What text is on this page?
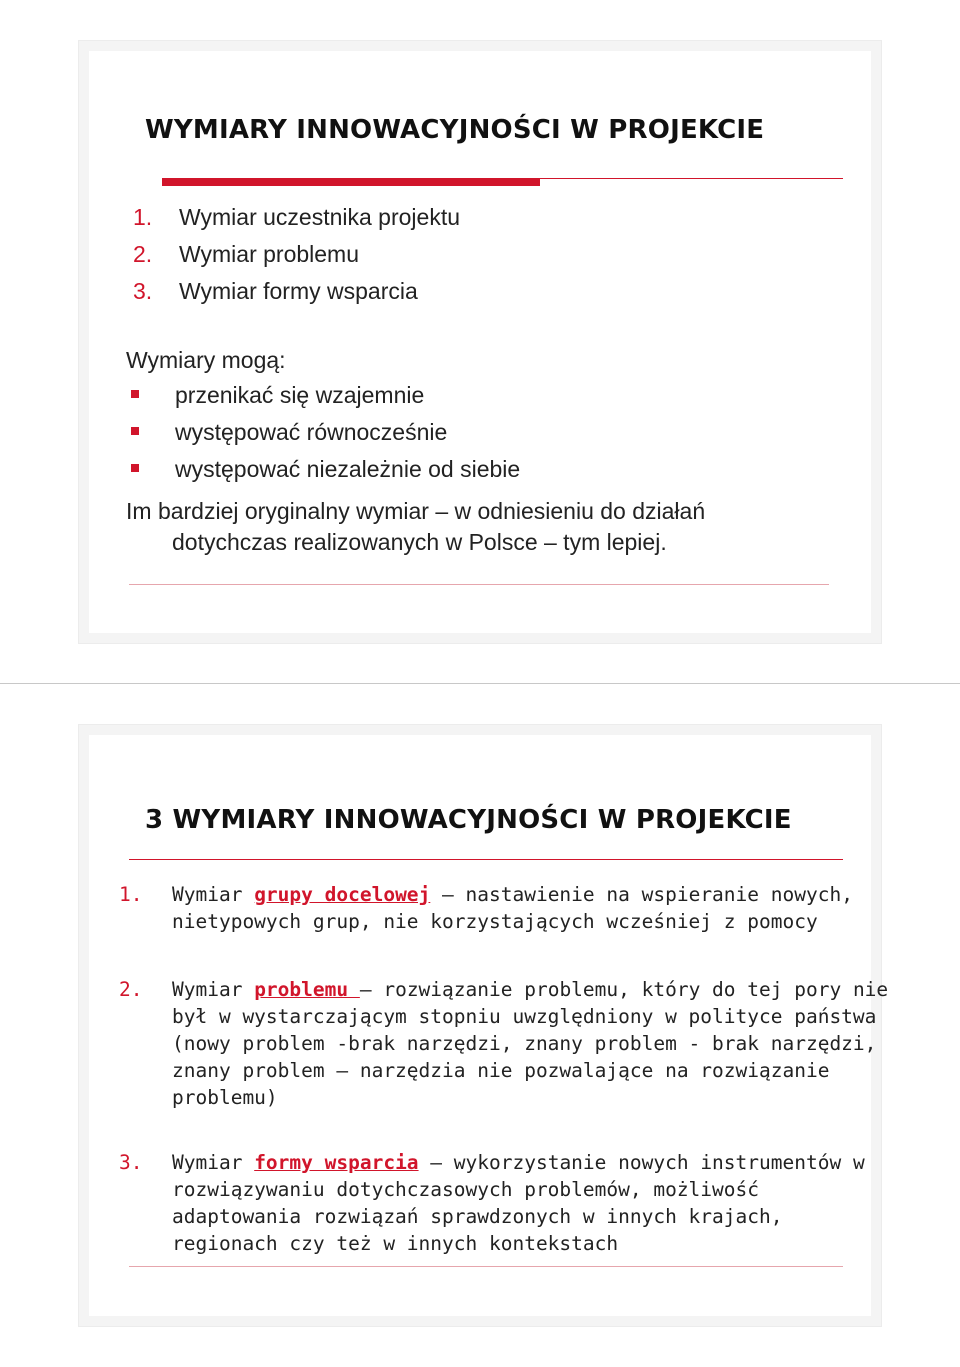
WYMIARY INNOWACYJNOŚCI W PROJEKCIE
1. Wymiar uczestnika projektu
2. Wymiar problemu
3. Wymiar formy wsparcia
Wymiary mogą:
przenikać się wzajemnie
występować równocześnie
występować niezależnie od siebie
Im bardziej oryginalny wymiar – w odniesieniu do działań
dotychczas realizowanych w Polsce – tym lepiej.
3 WYMIARY INNOWACYJNOŚCI W PROJEKCIE
1. Wymiar grupy docelowej – nastawienie na wspieranie nowych,
nietypowych grup, nie korzystających wcześniej z pomocy
2. Wymiar problemu – rozwiązanie problemu, który do tej pory nie
był w wystarczającym stopniu uwzględniony w polityce państwa
(nowy problem -brak narzędzi, znany problem - brak narzędzi,
znany problem – narzędzia nie pozwalające na rozwiązanie
problemu)
3. Wymiar formy wsparcia – wykorzystanie nowych instrumentów w
rozwiązywaniu dotychczasowych problemów, możliwość
adaptowania rozwiązań sprawdzonych w innych krajach,
regionach czy też w innych kontekstach
